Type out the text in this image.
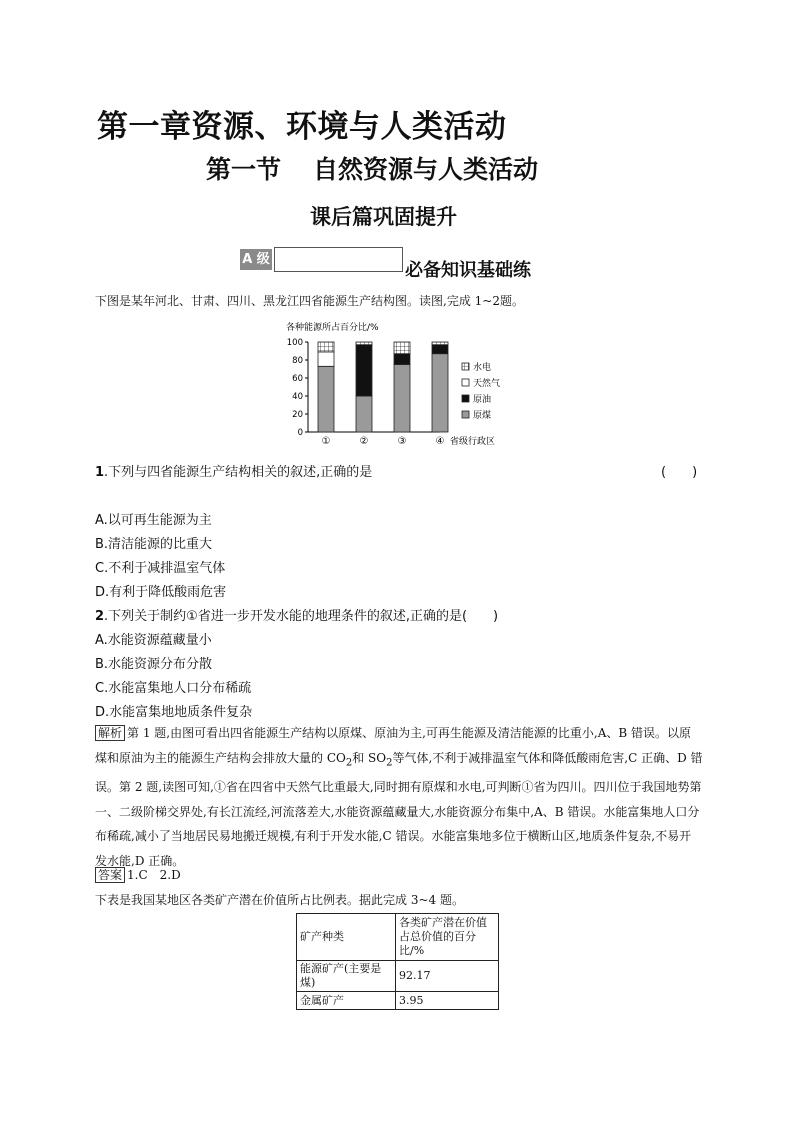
第一章资源、环境与人类活动
第一节 自然资源与人类活动
课后篇巩固提升
A 级
必备知识基础练
下图是某年河北、甘肃、四川、黑龙江四省能源生产结构图。读图,完成 1~2题。
各种能源所占百分比/%
0
20
40
60
80
100
①	②	③	④ 省级行政区
水电
天然气
原油
原煤
1.下列与四省能源生产结构相关的叙述,正确的是	(　　)
A.以可再生能源为主
B.清洁能源的比重大
C.不利于减排温室气体
D.有利于降低酸雨危害
2.下列关于制约①省进一步开发水能的地理条件的叙述,正确的是(　　)
A.水能资源蕴藏量小
B.水能资源分布分散
C.水能富集地人口分布稀疏
D.水能富集地地质条件复杂
解析 第 1 题,由图可看出四省能源生产结构以原煤、原油为主,可再生能源及清洁能源的比重小,A、B 错误。以原煤和原油为主的能源生产结构会排放大量的 $CO_2$和 $SO_2$等气体,不利于减排温室气体和降低酸雨危害,C 正确、D 错误。第 2 题,读图可知,①省在四省中天然气比重最大,同时拥有原煤和水电,可判断①省为四川。四川位于我国地势第一、二级阶梯交界处,有长江流经,河流落差大,水能资源蕴藏量大,水能资源分布集中,A、B 错误。水能富集地人口分布稀疏,减小了当地居民易地搬迁规模,有利于开发水能,C 错误。水能富集地多位于横断山区,地质条件复杂,不易开发水能,D 正确。
答案 1.C　2.D
下表是我国某地区各类矿产潜在价值所占比例表。据此完成 3~4 题。
矿产种类	各类矿产潜在价值占总价值的百分比/%
能源矿产(主要是煤)	92.17
金属矿产	3.95
